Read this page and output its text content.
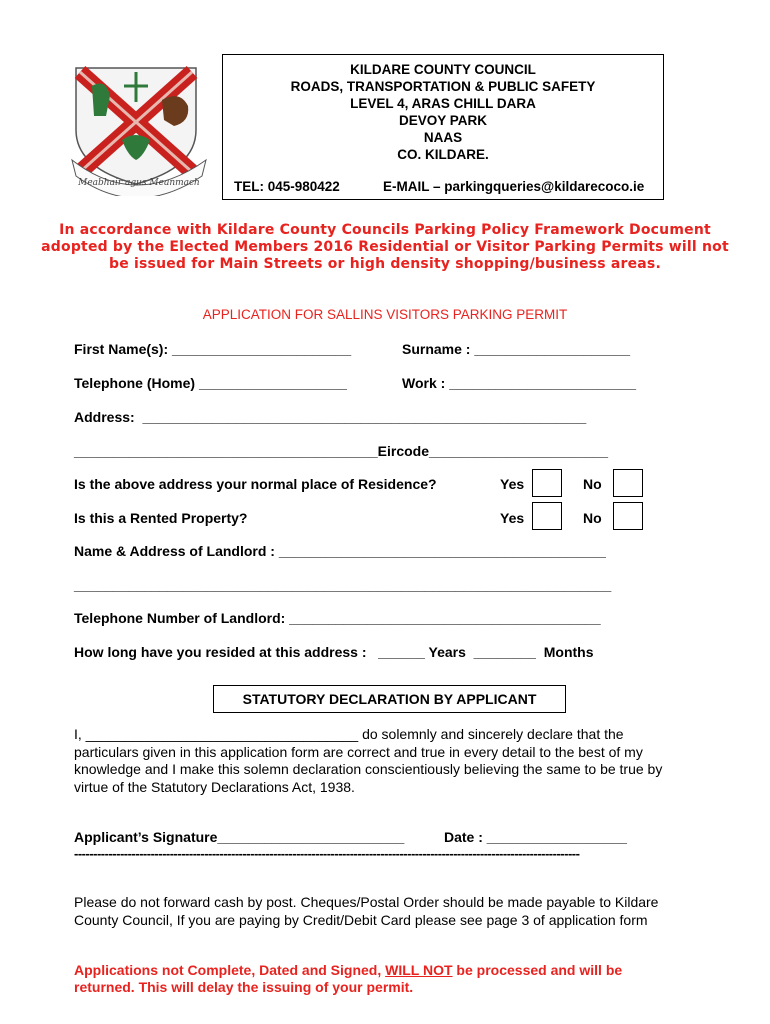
Meabhair agus Meanmach
KILDARE COUNTY COUNCIL
ROADS, TRANSPORTATION & PUBLIC SAFETY
LEVEL 4, ARAS CHILL DARA
DEVOY PARK
NAAS
CO. KILDARE.
TEL: 045-980422	E-MAIL – parkingqueries@kildarecoco.ie
In accordance with Kildare County Councils Parking Policy Framework Document adopted by the Elected Members 2016 Residential or Visitor Parking Permits will not be issued for Main Streets or high density shopping/business areas.
APPLICATION FOR SALLINS VISITORS PARKING PERMIT
First Name(s): _______________________	Surname : ____________________
Telephone (Home) ___________________	Work : ________________________
Address:  _________________________________________________________
_______________________________________Eircode_______________________
Is the above address your normal place of Residence?	Yes	No
Is this a Rented Property?	Yes	No
Name & Address of Landlord : __________________________________________
_____________________________________________________________________
Telephone Number of Landlord: ________________________________________
How long have you resided at this address :   ______ Years  ________  Months
STATUTORY DECLARATION BY APPLICANT
I, ___________________________________ do solemnly and sincerely declare that the particulars given in this application form are correct and true in every detail to the best of my knowledge and I make this solemn declaration conscientiously believing the same to be true by virtue of the Statutory Declarations Act, 1938.
Applicant’s Signature________________________	Date : __________________
------------------------------------------------------------------------------------------------------------------------------------
Please do not forward cash by post. Cheques/Postal Order should be made payable to Kildare County Council, If you are paying by Credit/Debit Card please see page 3 of application form
Applications not Complete, Dated and Signed, WILL NOT be processed and will be returned. This will delay the issuing of your permit.
